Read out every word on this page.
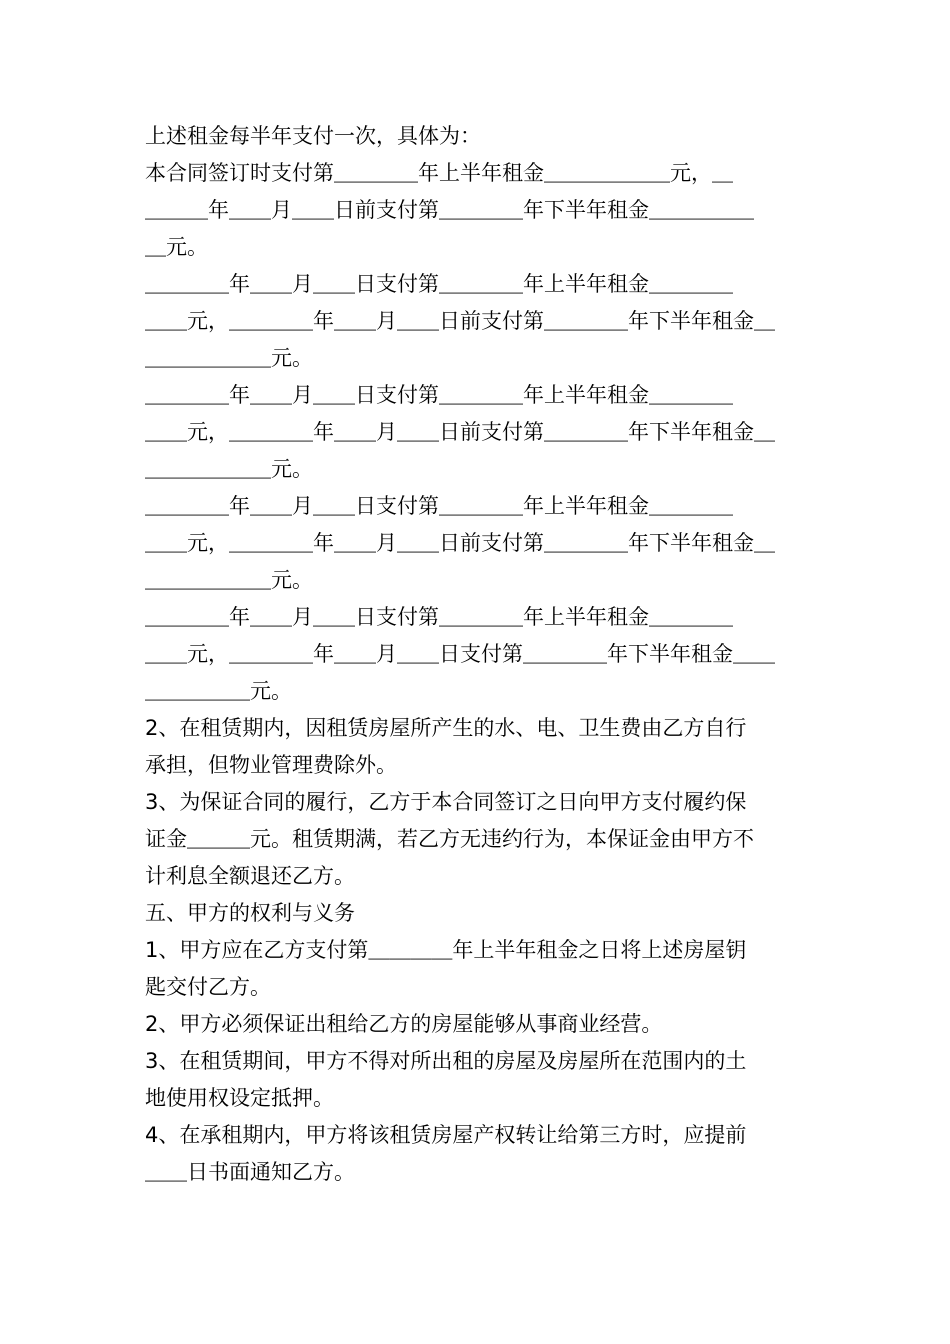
上述租金每半年支付一次，具体为：
本合同签订时支付第＿＿＿＿年上半年租金＿＿＿＿＿＿元，＿
＿＿＿年＿＿月＿＿日前支付第＿＿＿＿年下半年租金＿＿＿＿＿
＿元。
＿＿＿＿年＿＿月＿＿日支付第＿＿＿＿年上半年租金＿＿＿＿
＿＿元，＿＿＿＿年＿＿月＿＿日前支付第＿＿＿＿年下半年租金＿
＿＿＿＿＿＿元。
＿＿＿＿年＿＿月＿＿日支付第＿＿＿＿年上半年租金＿＿＿＿
＿＿元，＿＿＿＿年＿＿月＿＿日前支付第＿＿＿＿年下半年租金＿
＿＿＿＿＿＿元。
＿＿＿＿年＿＿月＿＿日支付第＿＿＿＿年上半年租金＿＿＿＿
＿＿元，＿＿＿＿年＿＿月＿＿日前支付第＿＿＿＿年下半年租金＿
＿＿＿＿＿＿元。
＿＿＿＿年＿＿月＿＿日支付第＿＿＿＿年上半年租金＿＿＿＿
＿＿元，＿＿＿＿年＿＿月＿＿日支付第＿＿＿＿年下半年租金＿＿
＿＿＿＿＿元。
2、在租赁期内，因租赁房屋所产生的水、电、卫生费由乙方自行
承担，但物业管理费除外。
3、为保证合同的履行，乙方于本合同签订之日向甲方支付履约保
证金＿＿＿元。租赁期满，若乙方无违约行为，本保证金由甲方不
计利息全额退还乙方。
五、甲方的权利与义务
1、甲方应在乙方支付第＿＿＿＿年上半年租金之日将上述房屋钥
匙交付乙方。
2、甲方必须保证出租给乙方的房屋能够从事商业经营。
3、在租赁期间，甲方不得对所出租的房屋及房屋所在范围内的土
地使用权设定抵押。
4、在承租期内，甲方将该租赁房屋产权转让给第三方时，应提前
＿＿日书面通知乙方。
